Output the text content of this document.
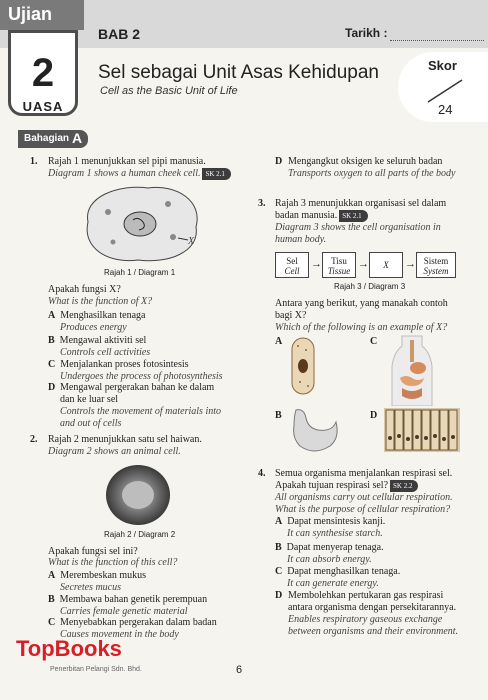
Ujian
2
UASA
BAB 2	Tarikh :
Sel sebagai Unit Asas Kehidupan
Cell as the Basic Unit of Life
Skor
24
Bahagian A
1. Rajah 1 menunjukkan sel pipi manusia.
Diagram 1 shows a human cheek cell. SK 2.1
X
Rajah 1 / Diagram 1
Apakah fungsi X?
What is the function of X?
A Menghasilkan tenaga
Produces energy
B Mengawal aktiviti sel
Controls cell activities
C Menjalankan proses fotosintesis
Undergoes the process of photosynthesis
D Mengawal pergerakan bahan ke dalam dan ke luar sel
Controls the movement of materials into and out of cells
2. Rajah 2 menunjukkan satu sel haiwan.
Diagram 2 shows an animal cell.
Rajah 2 / Diagram 2
Apakah fungsi sel ini?
What is the function of this cell?
A Merembeskan mukus
Secretes mucus
B Membawa bahan genetik perempuan
Carries female genetic material
C Menyebabkan pergerakan dalam badan
Causes movement in the body
D Mengangkut oksigen ke seluruh badan
Transports oxygen to all parts of the body
3. Rajah 3 menunjukkan organisasi sel dalam badan manusia. SK 2.1
Diagram 3 shows the cell organisation in human body.
Sel
Cell
→	Tisu
Tissue
→	X	→ Sistem
System
Rajah 3 / Diagram 3
Antara yang berikut, yang manakah contoh bagi X?
Which of the following is an example of X?
A	C
B	D
4. Semua organisma menjalankan respirasi sel. Apakah tujuan respirasi sel? SK 2.2
All organisms carry out cellular respiration. What is the purpose of cellular respiration?
A Dapat mensintesis kanji.
It can synthesise starch.
B Dapat menyerap tenaga.
It can absorb energy.
C Dapat menghasilkan tenaga.
It can generate energy.
D Membolehkan pertukaran gas respirasi antara organisma dengan persekitarannya.
Enables respiratory gaseous exchange between organisms and their environment.
Penerbitan Pelangi Sdn. Bhd.	6
TopBooks
